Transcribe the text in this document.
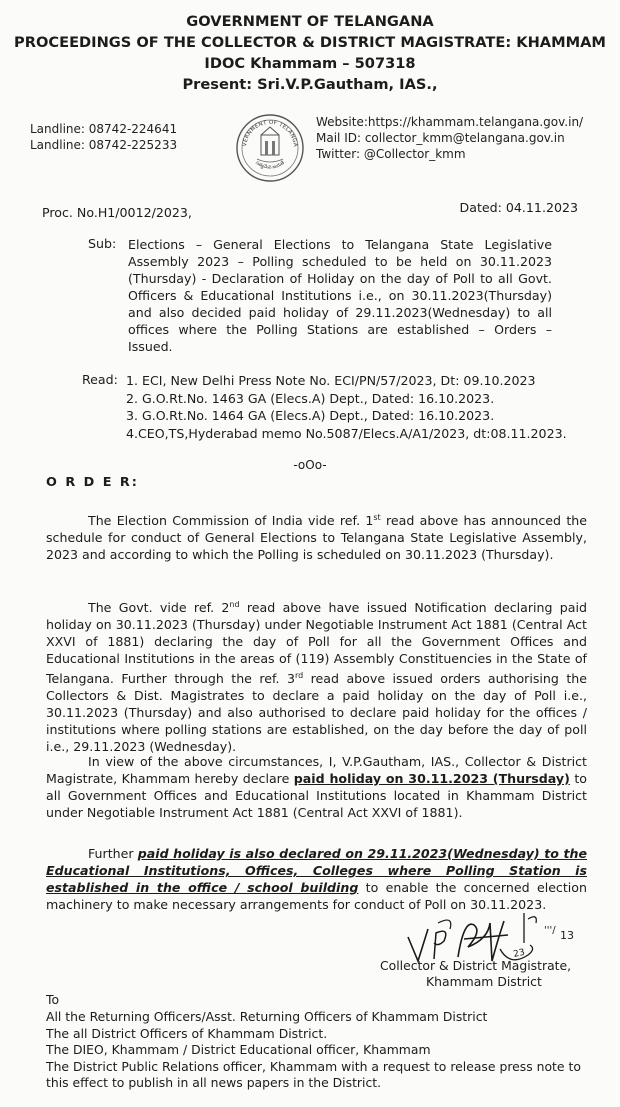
GOVERNMENT OF TELANGANA
PROCEEDINGS OF THE COLLECTOR & DISTRICT MAGISTRATE: KHAMMAM
IDOC Khammam – 507318
Present: Sri.V.P.Gautham, IAS.,
Landline: 08742-224641
Landline: 08742-225233	VERNMENT OF TELANGA
సత్యమేవ జయతే
Website:https://khammam.telangana.gov.in/
Mail ID: collector_kmm@telangana.gov.in
Twitter: @Collector_kmm
Proc. No.H1/0012/2023,	Dated: 04.11.2023
Sub: Elections – General Elections to Telangana State Legislative Assembly 2023 – Polling scheduled to be held on 30.11.2023 (Thursday) - Declaration of Holiday on the day of Poll to all Govt. Officers & Educational Institutions i.e., on 30.11.2023(Thursday) and also decided paid holiday of 29.11.2023(Wednesday) to all offices where the Polling Stations are established – Orders – Issued.
Read: 1. ECI, New Delhi Press Note No. ECI/PN/57/2023, Dt: 09.10.2023
2. G.O.Rt.No. 1463 GA (Elecs.A) Dept., Dated: 16.10.2023.
3. G.O.Rt.No. 1464 GA (Elecs.A) Dept., Dated: 16.10.2023.
4.CEO,TS,Hyderabad memo No.5087/Elecs.A/A1/2023, dt:08.11.2023.
-oOo-
O R D E R:
The Election Commission of India vide ref. 1st read above has announced the schedule for conduct of General Elections to Telangana State Legislative Assembly, 2023 and according to which the Polling is scheduled on 30.11.2023 (Thursday).
The Govt. vide ref. 2nd read above have issued Notification declaring paid holiday on 30.11.2023 (Thursday) under Negotiable Instrument Act 1881 (Central Act XXVI of 1881) declaring the day of Poll for all the Government Offices and Educational Institutions in the areas of (119) Assembly Constituencies in the State of Telangana. Further through the ref. 3rd read above issued orders authorising the Collectors & Dist. Magistrates to declare a paid holiday on the day of Poll i.e., 30.11.2023 (Thursday) and also authorised to declare paid holiday for the offices / institutions where polling stations are established, on the day before the day of poll i.e., 29.11.2023 (Wednesday).
In view of the above circumstances, I, V.P.Gautham, IAS., Collector & District Magistrate, Khammam hereby declare paid holiday on 30.11.2023 (Thursday) to all Government Offices and Educational Institutions located in Khammam District under Negotiable Instrument Act 1881 (Central Act XXVI of 1881).
Further paid holiday is also declared on 29.11.2023(Wednesday) to the Educational Institutions, Offices, Colleges where Polling Station is established in the office / school building to enable the concerned election machinery to make necessary arrangements for conduct of Poll on 30.11.2023.
23
'''/ 13
Collector & District Magistrate,
Khammam District
To
All the Returning Officers/Asst. Returning Officers of Khammam District
The all District Officers of Khammam District.
The DIEO, Khammam / District Educational officer, Khammam
The District Public Relations officer, Khammam with a request to release press note to this effect to publish in all news papers in the District.
